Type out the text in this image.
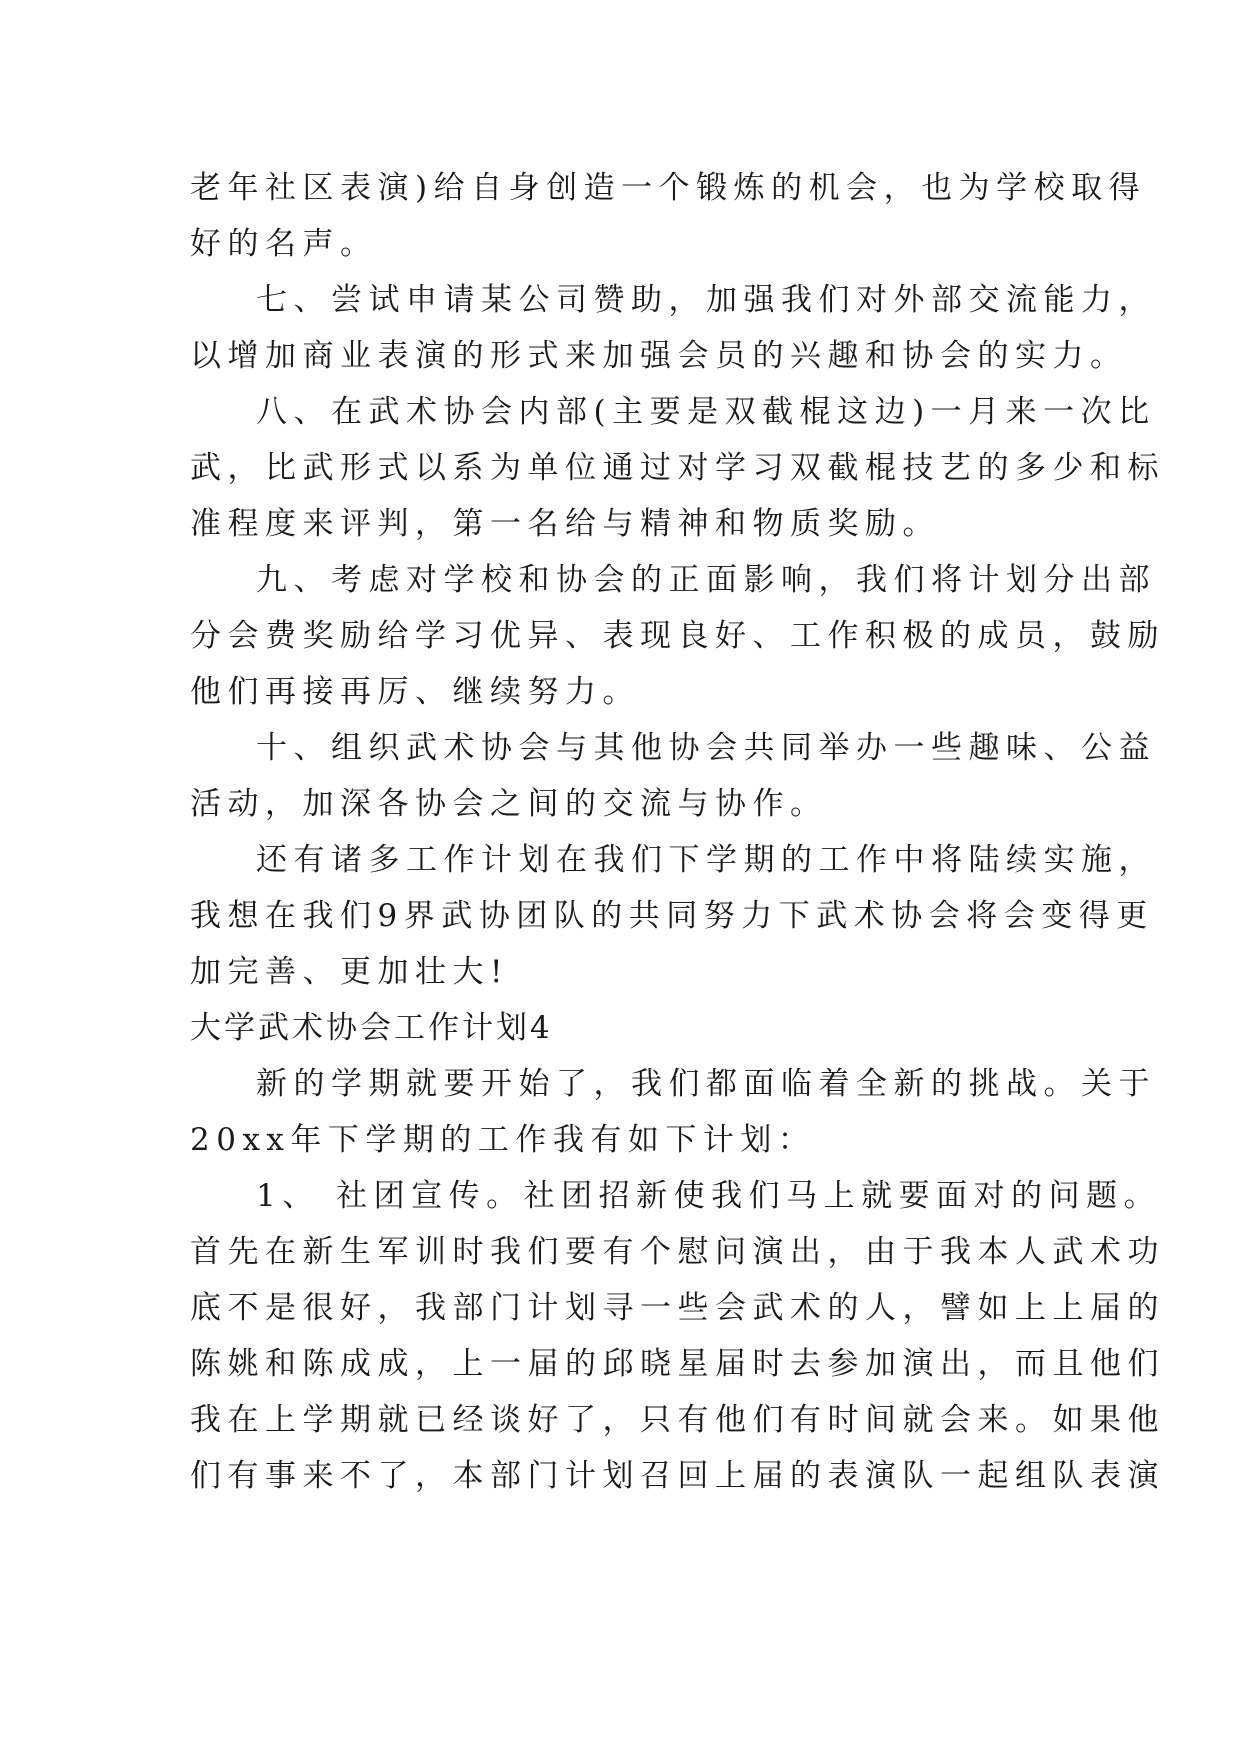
老年社区表演)给自身创造一个锻炼的机会，也为学校取得
好的名声。
七、尝试申请某公司赞助，加强我们对外部交流能力，
以增加商业表演的形式来加强会员的兴趣和协会的实力。
八、在武术协会内部(主要是双截棍这边)一月来一次比
武，比武形式以系为单位通过对学习双截棍技艺的多少和标
准程度来评判，第一名给与精神和物质奖励。
九、考虑对学校和协会的正面影响，我们将计划分出部
分会费奖励给学习优异、表现良好、工作积极的成员，鼓励
他们再接再厉、继续努力。
十、组织武术协会与其他协会共同举办一些趣味、公益
活动，加深各协会之间的交流与协作。
还有诸多工作计划在我们下学期的工作中将陆续实施，
我想在我们9界武协团队的共同努力下武术协会将会变得更
加完善、更加壮大!
大学武术协会工作计划4
新的学期就要开始了，我们都面临着全新的挑战。关于
20xx年下学期的工作我有如下计划：
1、 社团宣传。社团招新使我们马上就要面对的问题。
首先在新生军训时我们要有个慰问演出，由于我本人武术功
底不是很好，我部门计划寻一些会武术的人，譬如上上届的
陈姚和陈成成，上一届的邱晓星届时去参加演出，而且他们
我在上学期就已经谈好了，只有他们有时间就会来。如果他
们有事来不了，本部门计划召回上届的表演队一起组队表演
